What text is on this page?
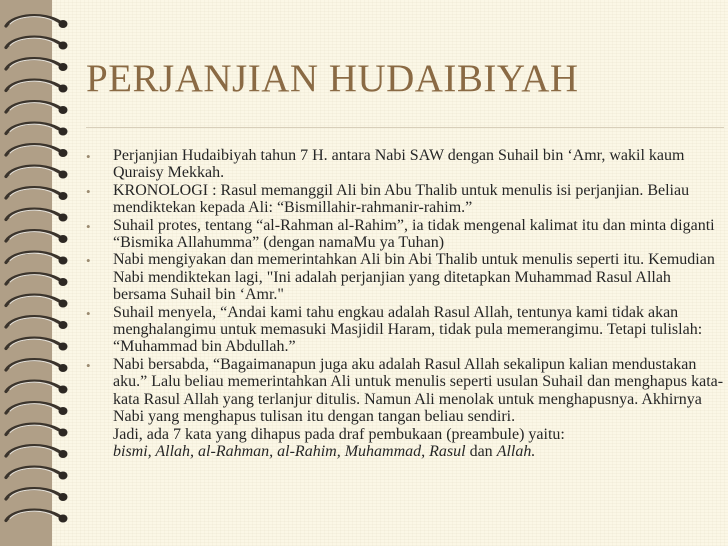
PERJANJIAN HUDAIBIYAH
• Perjanjian Hudaibiyah tahun 7 H. antara Nabi SAW dengan Suhail bin ‘Amr, wakil kaum Quraisy Mekkah.
• KRONOLOGI : Rasul memanggil Ali bin Abu Thalib untuk menulis isi perjanjian. Beliau mendiktekan kepada Ali: “Bismillahir-rahmanir-rahim.”
• Suhail protes, tentang “al-Rahman al-Rahim”, ia tidak mengenal kalimat itu dan minta diganti “Bismika Allahumma” (dengan namaMu ya Tuhan)
• Nabi mengiyakan dan memerintahkan Ali bin Abi Thalib untuk menulis seperti itu. Kemudian Nabi mendiktekan lagi, "Ini adalah perjanjian yang ditetapkan Muhammad Rasul Allah bersama Suhail bin ‘Amr."
• Suhail menyela, “Andai kami tahu engkau adalah Rasul Allah, tentunya kami tidak akan menghalangimu untuk memasuki Masjidil Haram, tidak pula memerangimu. Tetapi tulislah: “Muhammad bin Abdullah.”
• Nabi bersabda, “Bagaimanapun juga aku adalah Rasul Allah sekalipun kalian mendustakan aku.” Lalu beliau memerintahkan Ali untuk menulis seperti usulan Suhail dan menghapus kata-kata Rasul Allah yang terlanjur ditulis. Namun Ali menolak untuk menghapusnya. Akhirnya Nabi yang menghapus tulisan itu dengan tangan beliau sendiri.
Jadi, ada 7 kata yang dihapus pada draf pembukaan (preambule) yaitu:
bismi, Allah, al-Rahman, al-Rahim, Muhammad, Rasul dan Allah.
